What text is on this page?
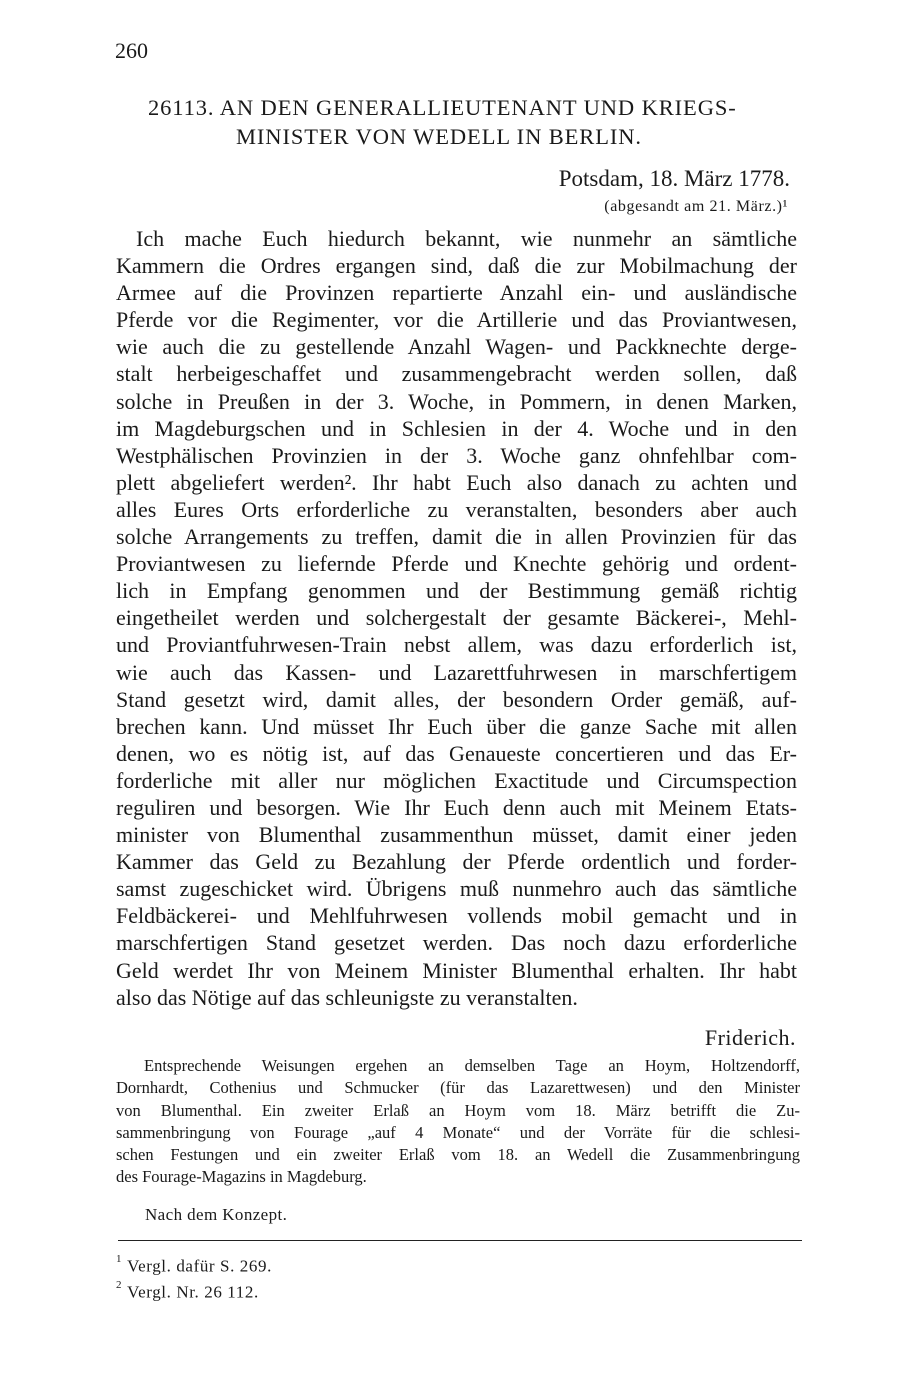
260
26113. AN DEN GENERALLIEUTENANT UND KRIEGS-
MINISTER VON WEDELL IN BERLIN.
Potsdam, 18. März 1778.
(abgesandt am 21. März.)¹
Ich mache Euch hiedurch bekannt, wie nunmehr an sämtliche
Kammern die Ordres ergangen sind, daß die zur Mobilmachung der
Armee auf die Provinzen repartierte Anzahl ein- und ausländische
Pferde vor die Regimenter, vor die Artillerie und das Proviantwesen,
wie auch die zu gestellende Anzahl Wagen- und Packknechte derge-
stalt herbeigeschaffet und zusammengebracht werden sollen, daß
solche in Preußen in der 3. Woche, in Pommern, in denen Marken,
im Magdeburgschen und in Schlesien in der 4. Woche und in den
Westphälischen Provinzien in der 3. Woche ganz ohnfehlbar com-
plett abgeliefert werden². Ihr habt Euch also danach zu achten und
alles Eures Orts erforderliche zu veranstalten, besonders aber auch
solche Arrangements zu treffen, damit die in allen Provinzien für das
Proviantwesen zu liefernde Pferde und Knechte gehörig und ordent-
lich in Empfang genommen und der Bestimmung gemäß richtig
eingetheilet werden und solchergestalt der gesamte Bäckerei-, Mehl-
und Proviantfuhrwesen-Train nebst allem, was dazu erforderlich ist,
wie auch das Kassen- und Lazarettfuhrwesen in marschfertigem
Stand gesetzt wird, damit alles, der besondern Order gemäß, auf-
brechen kann. Und müsset Ihr Euch über die ganze Sache mit allen
denen, wo es nötig ist, auf das Genaueste concertieren und das Er-
forderliche mit aller nur möglichen Exactitude und Circumspection
reguliren und besorgen. Wie Ihr Euch denn auch mit Meinem Etats-
minister von Blumenthal zusammenthun müsset, damit einer jeden
Kammer das Geld zu Bezahlung der Pferde ordentlich und forder-
samst zugeschicket wird. Übrigens muß nunmehro auch das sämtliche
Feldbäckerei- und Mehlfuhrwesen vollends mobil gemacht und in
marschfertigen Stand gesetzet werden. Das noch dazu erforderliche
Geld werdet Ihr von Meinem Minister Blumenthal erhalten. Ihr habt
also das Nötige auf das schleunigste zu veranstalten.
Friderich.
Entsprechende Weisungen ergehen an demselben Tage an Hoym, Holtzendorff,
Dornhardt, Cothenius und Schmucker (für das Lazarettwesen) und den Minister
von Blumenthal. Ein zweiter Erlaß an Hoym vom 18. März betrifft die Zu-
sammenbringung von Fourage „auf 4 Monate“ und der Vorräte für die schlesi-
schen Festungen und ein zweiter Erlaß vom 18. an Wedell die Zusammenbringung
des Fourage-Magazins in Magdeburg.
Nach dem Konzept.
$^1$ Vergl. dafür S. 269.
$^2$ Vergl. Nr. 26 112.
